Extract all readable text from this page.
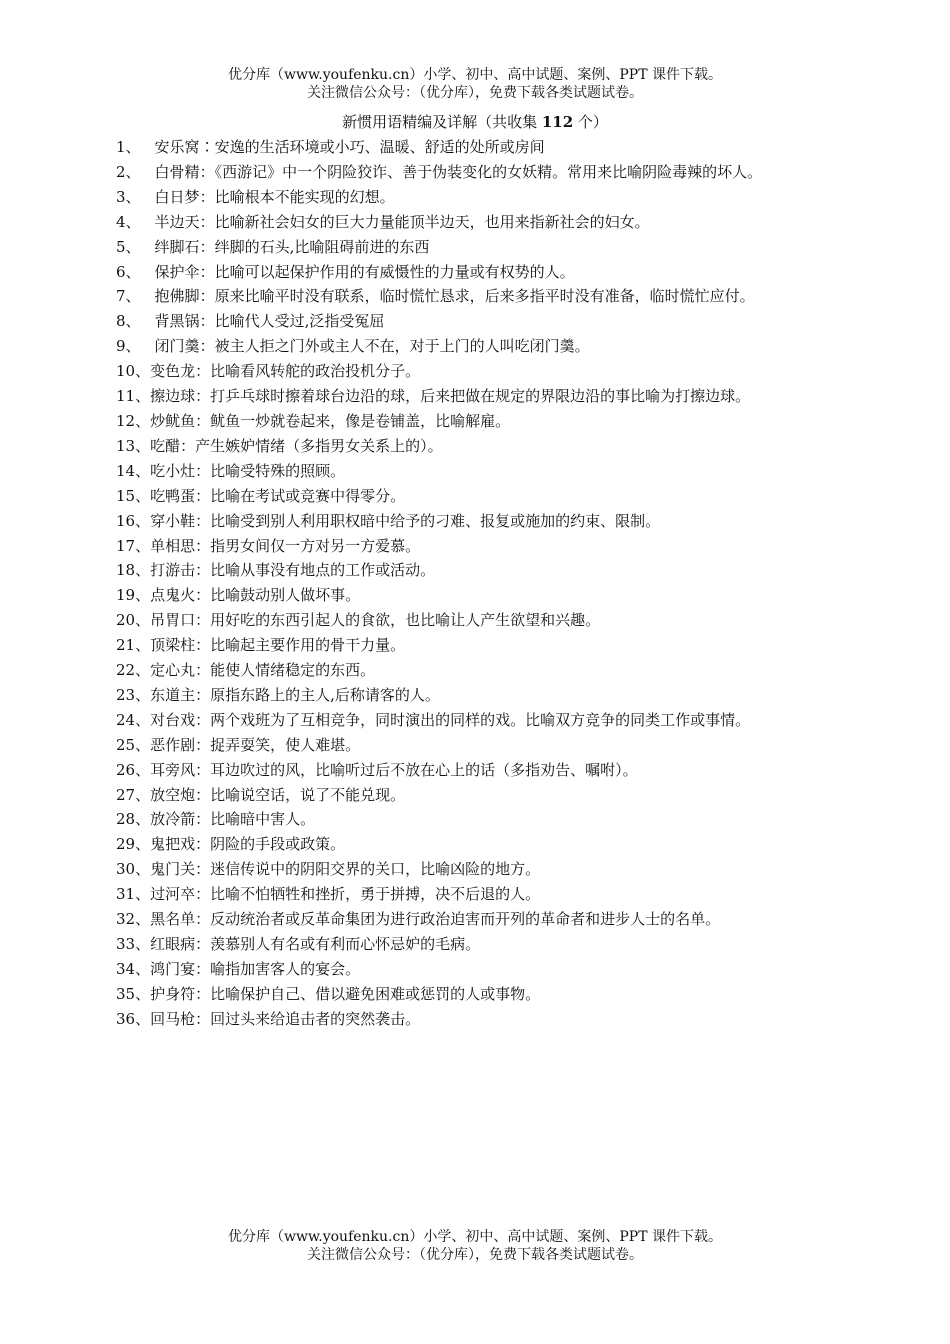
优分库（www.youfenku.cn）小学、初中、高中试题、案例、PPT 课件下载。
关注微信公众号：（优分库），免费下载各类试题试卷。
新惯用语精编及详解（共收集 112 个）
1、 安乐窝∶安逸的生活环境或小巧、温暖、舒适的处所或房间
2、 白骨精：《西游记》中一个阴险狡诈、善于伪装变化的女妖精。常用来比喻阴险毒辣的坏人。
3、 白日梦：比喻根本不能实现的幻想。
4、 半边天：比喻新社会妇女的巨大力量能顶半边天，也用来指新社会的妇女。
5、 绊脚石：绊脚的石头,比喻阻碍前进的东西
6、 保护伞：比喻可以起保护作用的有威慑性的力量或有权势的人。
7、 抱佛脚：原来比喻平时没有联系，临时慌忙恳求，后来多指平时没有准备，临时慌忙应付。
8、 背黑锅：比喻代人受过,泛指受冤屈
9、 闭门羹：被主人拒之门外或主人不在，对于上门的人叫吃闭门羹。
10、变色龙：比喻看风转舵的政治投机分子。
11、擦边球：打乒乓球时擦着球台边沿的球，后来把做在规定的界限边沿的事比喻为打擦边球。
12、炒鱿鱼：鱿鱼一炒就卷起来，像是卷铺盖，比喻解雇。
13、吃醋：产生嫉妒情绪（多指男女关系上的）。
14、吃小灶：比喻受特殊的照顾。
15、吃鸭蛋：比喻在考试或竞赛中得零分。
16、穿小鞋：比喻受到别人利用职权暗中给予的刁难、报复或施加的约束、限制。
17、单相思：指男女间仅一方对另一方爱慕。
18、打游击：比喻从事没有地点的工作或活动。
19、点鬼火：比喻鼓动别人做坏事。
20、吊胃口：用好吃的东西引起人的食欲，也比喻让人产生欲望和兴趣。
21、顶梁柱：比喻起主要作用的骨干力量。
22、定心丸：能使人情绪稳定的东西。
23、东道主：原指东路上的主人,后称请客的人。
24、对台戏：两个戏班为了互相竞争，同时演出的同样的戏。比喻双方竞争的同类工作或事情。
25、恶作剧：捉弄耍笑，使人难堪。
26、耳旁风：耳边吹过的风，比喻听过后不放在心上的话（多指劝告、嘱咐）。
27、放空炮：比喻说空话，说了不能兑现。
28、放冷箭：比喻暗中害人。
29、鬼把戏：阴险的手段或政策。
30、鬼门关：迷信传说中的阴阳交界的关口，比喻凶险的地方。
31、过河卒：比喻不怕牺牲和挫折，勇于拼搏，决不后退的人。
32、黑名单：反动统治者或反革命集团为进行政治迫害而开列的革命者和进步人士的名单。
33、红眼病：羡慕别人有名或有利而心怀忌妒的毛病。
34、鸿门宴：喻指加害客人的宴会。
35、护身符：比喻保护自己、借以避免困难或惩罚的人或事物。
36、回马枪：回过头来给追击者的突然袭击。
优分库（www.youfenku.cn）小学、初中、高中试题、案例、PPT 课件下载。
关注微信公众号：（优分库），免费下载各类试题试卷。
